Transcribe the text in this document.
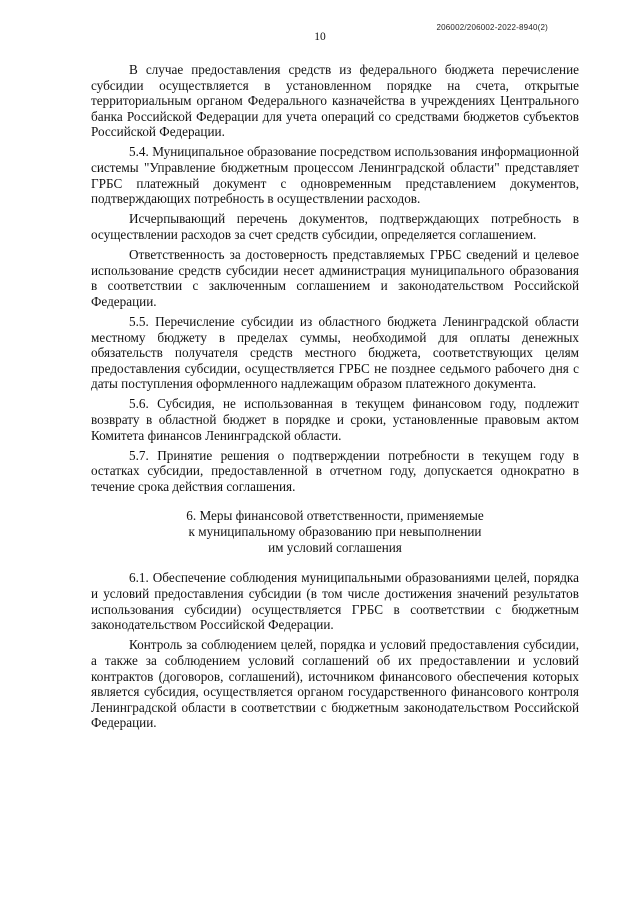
206002/206002-2022-8940(2)
10

В случае предоставления средств из федерального бюджета перечисление субсидии осуществляется в установленном порядке на счета, открытые территориальным органом Федерального казначейства в учреждениях Центрального банка Российской Федерации для учета операций со средствами бюджетов субъектов Российской Федерации.

5.4. Муниципальное образование посредством использования информационной системы "Управление бюджетным процессом Ленинградской области" представляет ГРБС платежный документ с одновременным представлением документов, подтверждающих потребность в осуществлении расходов.

Исчерпывающий перечень документов, подтверждающих потребность в осуществлении расходов за счет средств субсидии, определяется соглашением.

Ответственность за достоверность представляемых ГРБС сведений и целевое использование средств субсидии несет администрация муниципального образования в соответствии с заключенным соглашением и законодательством Российской Федерации.

5.5. Перечисление субсидии из областного бюджета Ленинградской области местному бюджету в пределах суммы, необходимой для оплаты денежных обязательств получателя средств местного бюджета, соответствующих целям предоставления субсидии, осуществляется ГРБС не позднее седьмого рабочего дня с даты поступления оформленного надлежащим образом платежного документа.

5.6. Субсидия, не использованная в текущем финансовом году, подлежит возврату в областной бюджет в порядке и сроки, установленные правовым актом Комитета финансов Ленинградской области.

5.7. Принятие решения о подтверждении потребности в текущем году в остатках субсидии, предоставленной в отчетном году, допускается однократно в течение срока действия соглашения.

6. Меры финансовой ответственности, применяемые
к муниципальному образованию при невыполнении
им условий соглашения

6.1. Обеспечение соблюдения муниципальными образованиями целей, порядка и условий предоставления субсидии (в том числе достижения значений результатов использования субсидии) осуществляется ГРБС в соответствии с бюджетным законодательством Российской Федерации.

Контроль за соблюдением целей, порядка и условий предоставления субсидии, а также за соблюдением условий соглашений об их предоставлении и условий контрактов (договоров, соглашений), источником финансового обеспечения которых является субсидия, осуществляется органом государственного финансового контроля Ленинградской области в соответствии с бюджетным законодательством Российской Федерации.
